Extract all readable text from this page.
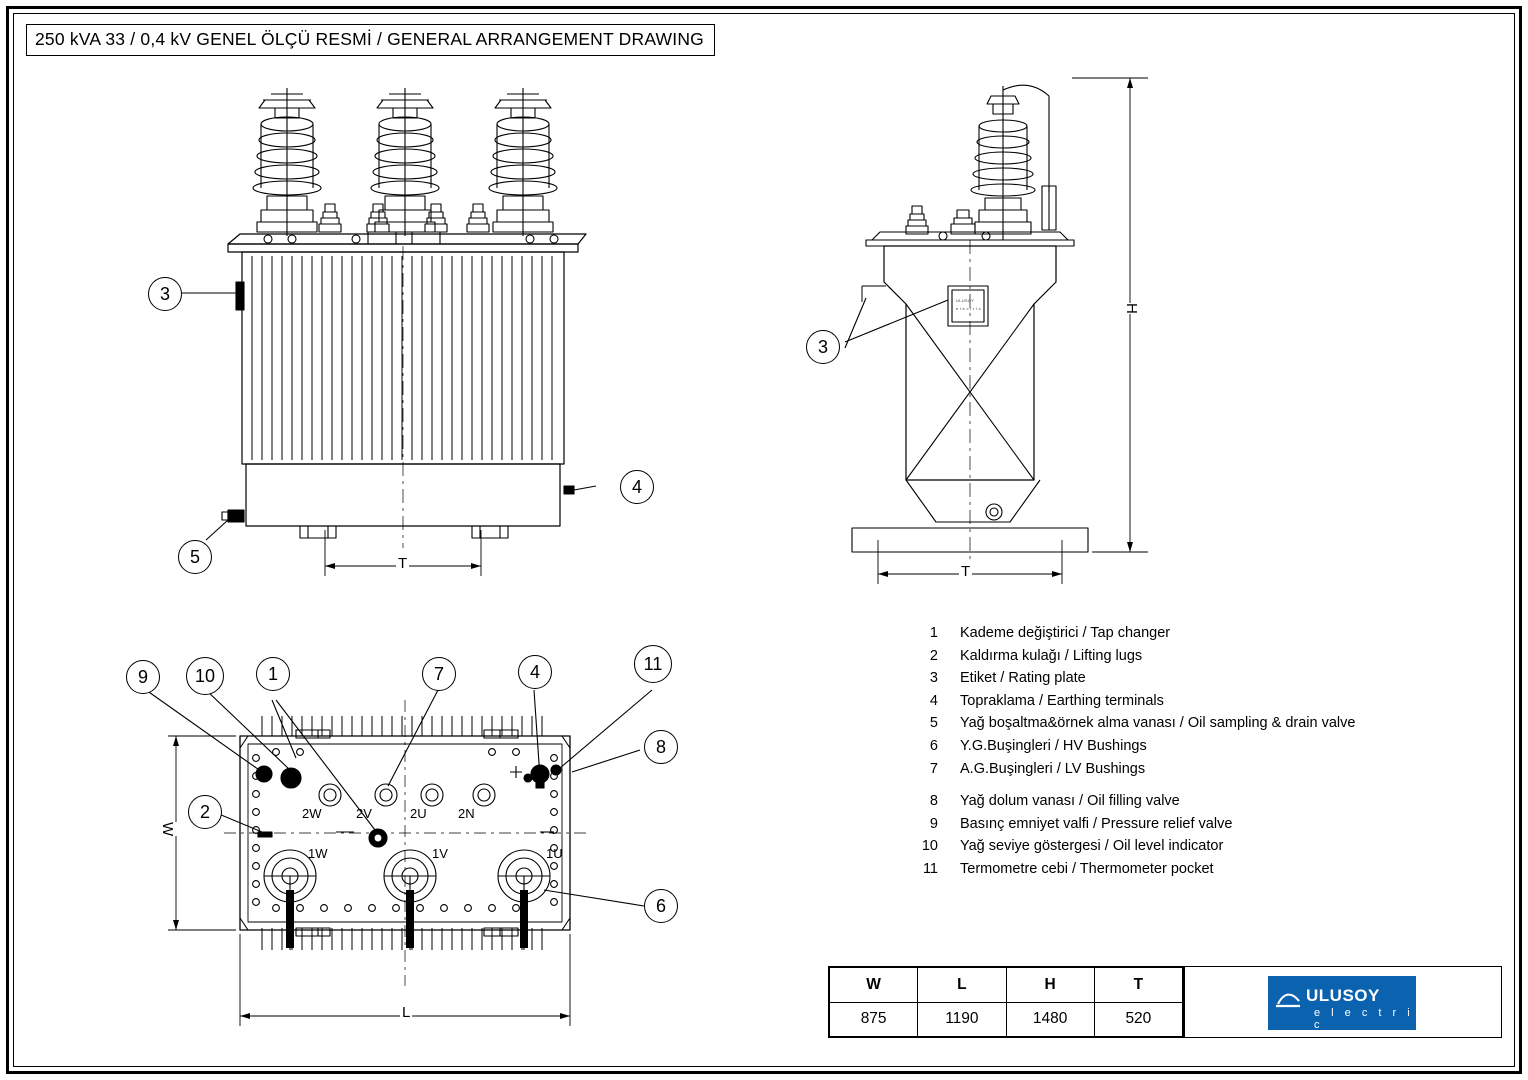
250 kVA 33 / 0,4 kV GENEL ÖLÇÜ RESMİ / GENERAL ARRANGEMENT DRAWING
3
4
5
3
9	10	1	7	4	11
8
2
6
T
H
T
W
L
2W	2V	2U 2N
1W	1V	1U
ULUSOY
e l e c t r i c
1	Kademe değiştirici / Tap changer
2	Kaldırma kulağı / Lifting lugs
3	Etiket / Rating plate
4	Topraklama / Earthing terminals
5	Yağ boşaltma&örnek alma vanası / Oil sampling & drain valve
6	Y.G.Buşingleri / HV Bushings
7	A.G.Buşingleri / LV Bushings
8	Yağ dolum vanası / Oil filling valve
9	Basınç emniyet valfi / Pressure relief valve
10	Yağ seviye göstergesi / Oil level indicator
11	Termometre cebi / Thermometer pocket
W	L	H	T
875	1190	1480	520
ULUSOY
e l e c t r i c
